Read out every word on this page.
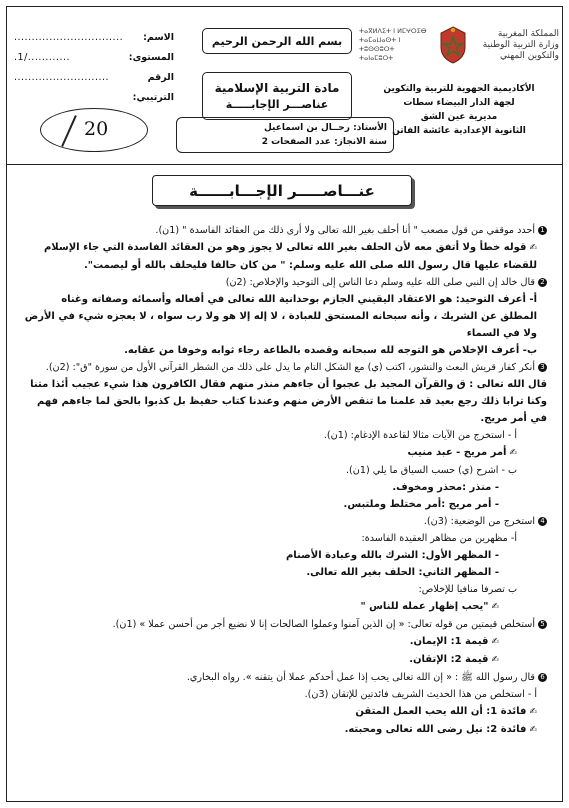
المملكة المغربية وزارة التربية الوطنية والتكوين المهني
ⵜⴰⴳⵍⴷⵉⵜ ⵏ ⵍⵎⵖⵔⵉⴱ ⵜⴰⵎⴰⵡⴰⵙⵜ ⵏ ⵜⵓⵙⵙⵓⵔⵜ ⵜⴰⵏⴰⵎⵓⵔⵜ
الأكاديمية الجهوية للتربية والتكوين
لجهة الدار البيضاء سطات
مديرية عين الشق
الثانوية الإعدادية عائشة الفاتن
بسم الله الرحمن الرحيم
مادة التربية الإسلامية
عناصـــر الإجابـــــة
الأستاذ: رحــال بن اسماعيل
سنة الانجاز: عدد الصفحات 2
الاسم:
...............................
المستوى:
............/1.
الرقم الترتيبي:
...........................
20
عنـــاصـــــر الإجـــابــــــة
1أحدد موقفي من قول مصعب " أنا أحلف بغير الله تعالى ولا أرى ذلك من العقائد الفاسدة " (1ن).
✍قوله خطأ ولا أتفق معه لأن الحلف بغير الله تعالى لا يجوز وهو من العقائد الفاسدة التي جاء الإسلام للقضاء عليها قال رسول الله صلى الله عليه وسلم: " من كان حالفا فليحلف بالله أو ليصمت".
2قال خالد إن النبي صلى الله عليه وسلم دعا الناس إلى التوحيد والإخلاص: (2ن)
أ- أعرف التوحيد: هو الاعتقاد اليقيني الجازم بوحدانية الله تعالى في أفعاله وأسمائه وصفاته وغناه المطلق عن الشريك ، وأنه سبحانه المستحق للعبادة ، لا إله إلا هو ولا رب سواه ، لا يعجزه شيء في الأرض ولا في السماء
ب- أعرف الإخلاص هو التوجه لله سبحانه وقصده بالطاعة رجاء ثوابه وخوفا من عقابه.
3أنكر كفار قريش البعث والنشور، اكتب (ي) مع الشكل التام ما يدل على ذلك من الشطر القرآني الأول من سورة "ق": (2ن).
قال الله تعالى : ق والقرآن المجيد بل عجبوا أن جاءهم منذر منهم فقال الكافرون هذا شيء عجيب أئذا متنا وكنا ترابا ذلك رجع بعيد قد علمنا ما تنقص الأرض منهم وعندنا كتاب حفيظ بل كذبوا بالحق لما جاءهم فهم في أمر مريج.
أ - استخرج من الآيات مثالا لقاعدة الإدغام: (1ن).
✍أمر مريج - عبد منيب
ب - اشرح (ي) حسب السياق ما يلي (1ن).
- منذر :محذر ومخوف.
- أمر مريج :أمر مختلط وملتبس.
4استخرج من الوضعية: (3ن).
أ- مظهرين من مظاهر العقيدة الفاسدة:
- المظهر الأول: الشرك بالله وعبادة الأصنام
- المظهر الثاني: الحلف بغير الله تعالى.
ب تصرفا منافيا للإخلاص:
✍"يحب إظهار عمله للناس "
5أستخلص قيمتين من قوله تعالى: « إن الذين آمنوا وعملوا الصالحات إنا لا نضيع أجر من أحسن عملا » (1ن).
✍قيمة 1: الإيمان.
✍قيمة 2: الإتقان.
6قال رسول الله ﷺ : « إن الله تعالى يحب إذا عمل أحدكم عملا أن يتقنه ». رواه البخاري.
أ - استخلص من هذا الحديث الشريف فائدتين للإتقان (3ن).
✍فائدة 1: أن الله يحب العمل المتقن
✍فائدة 2: نيل رضى الله تعالى ومحبته.
